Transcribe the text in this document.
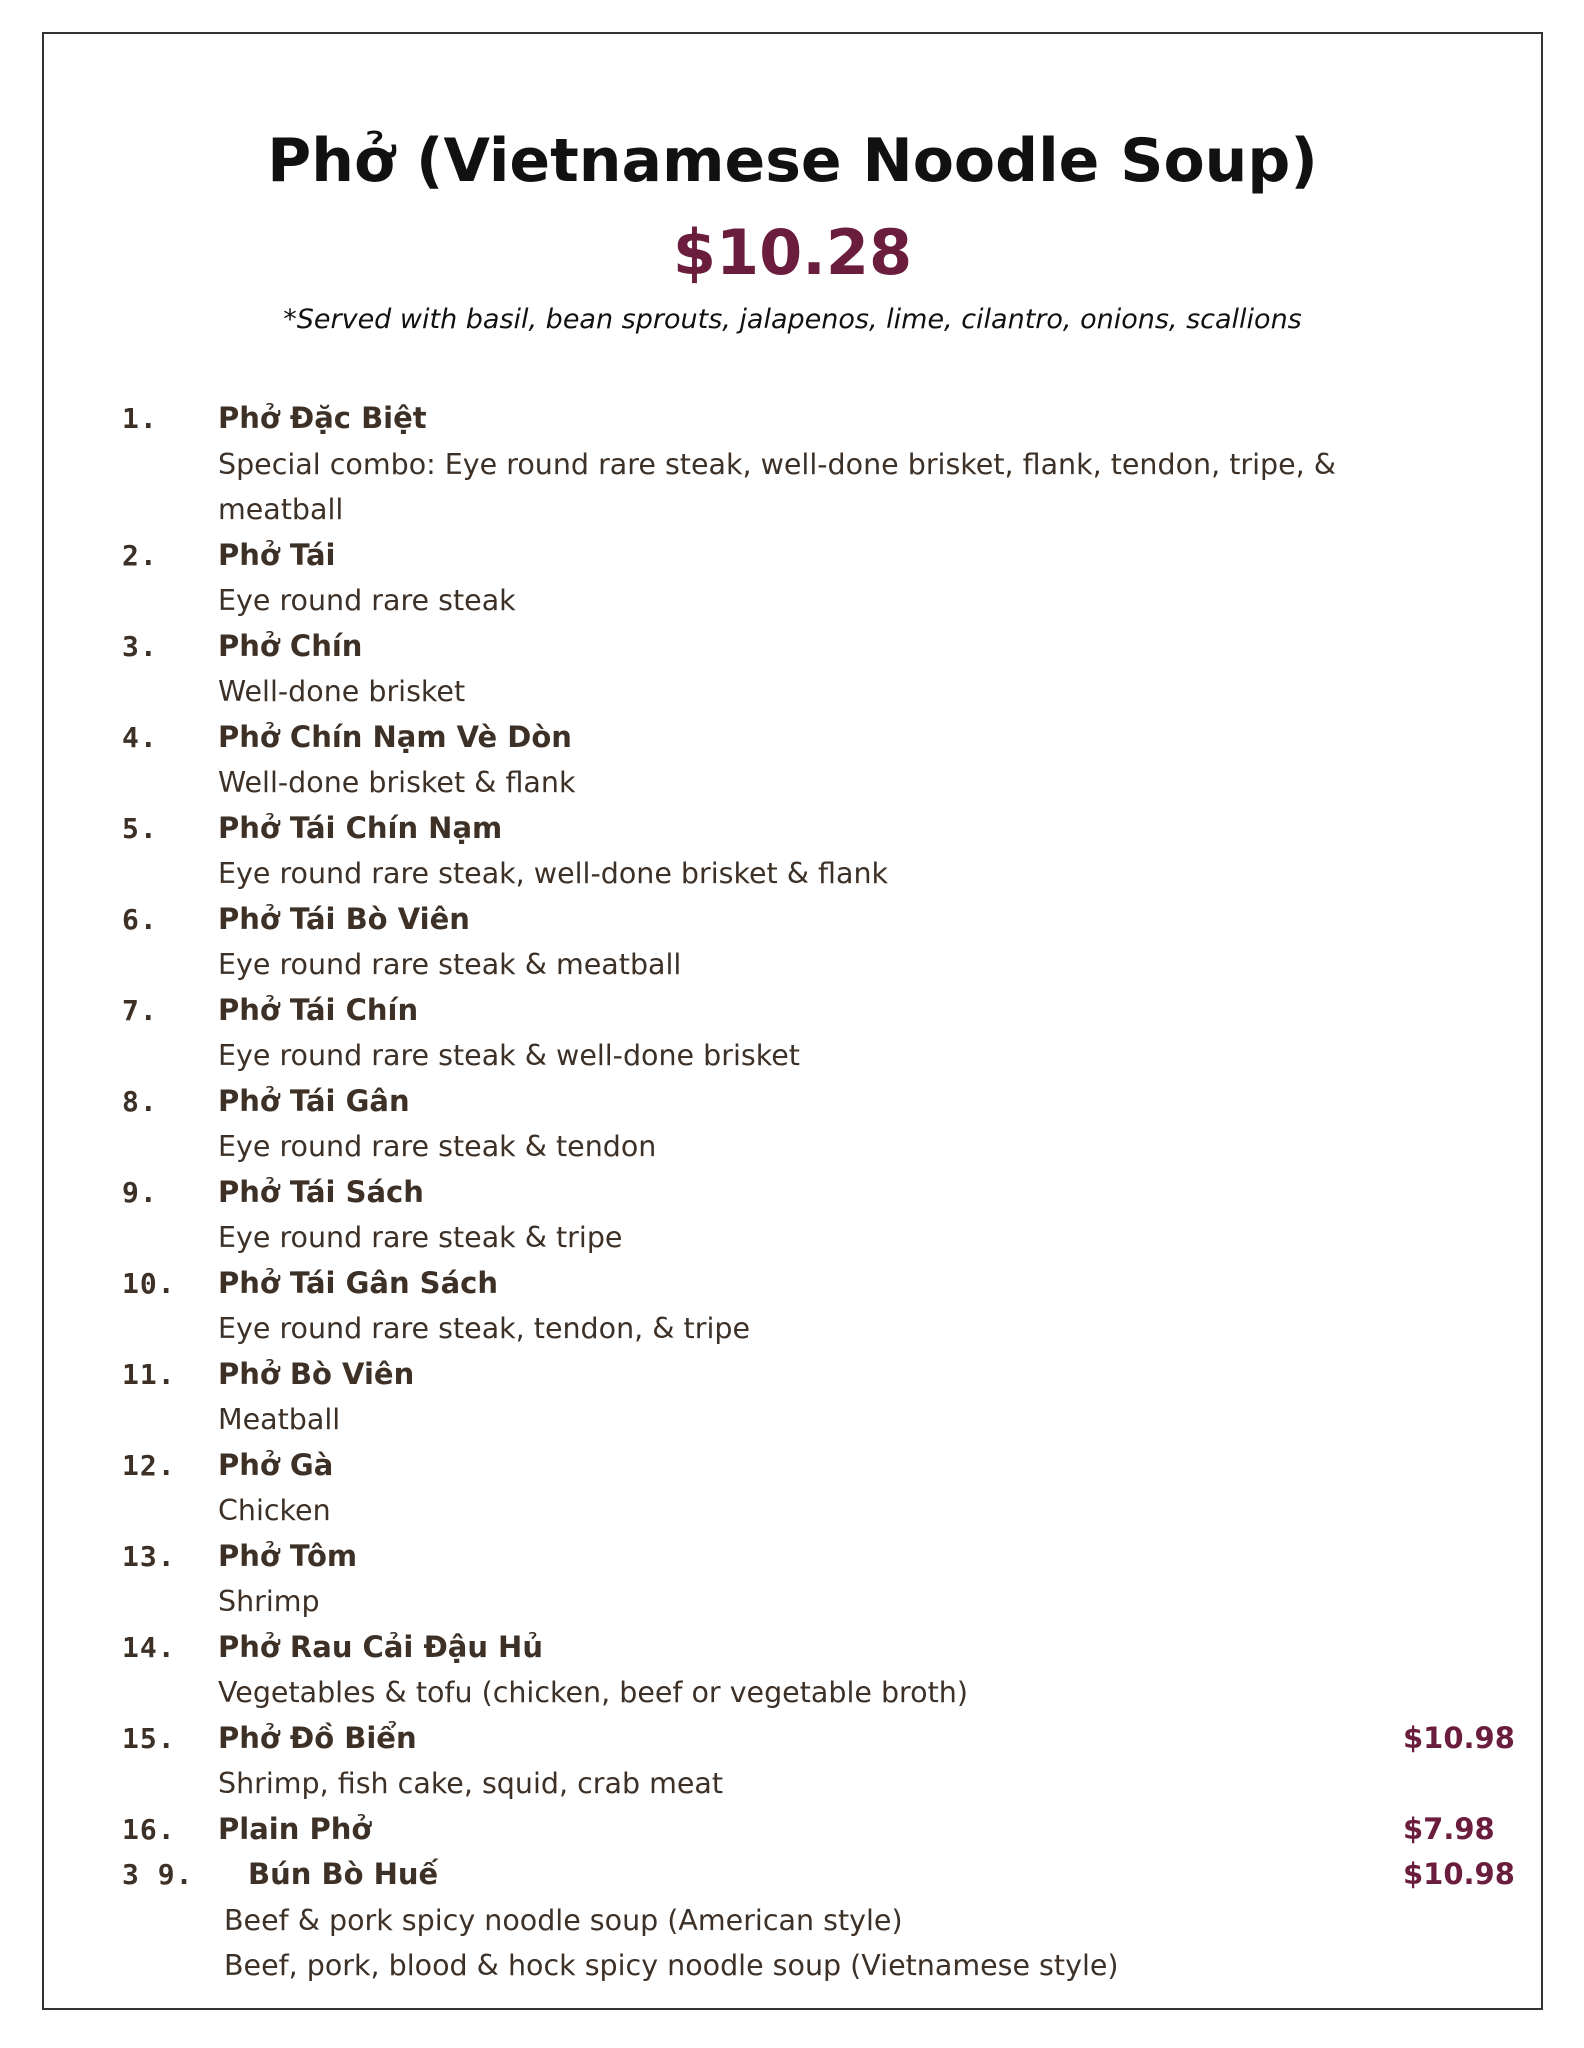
Phở (Vietnamese Noodle Soup)
$10.28
*Served with basil, bean sprouts, jalapenos, lime, cilantro, onions, scallions
1. Phở Đặc Biệt
Special combo: Eye round rare steak, well-done brisket, flank, tendon, tripe, &
meatball
2. Phở Tái
Eye round rare steak
3. Phở Chín
Well-done brisket
4. Phở Chín Nạm Vè Dòn
Well-done brisket & flank
5. Phở Tái Chín Nạm
Eye round rare steak, well-done brisket & flank
6. Phở Tái Bò Viên
Eye round rare steak & meatball
7. Phở Tái Chín
Eye round rare steak & well-done brisket
8. Phở Tái Gân
Eye round rare steak & tendon
9. Phở Tái Sách
Eye round rare steak & tripe
10. Phở Tái Gân Sách
Eye round rare steak, tendon, & tripe
11. Phở Bò Viên
Meatball
12. Phở Gà
Chicken
13. Phở Tôm
Shrimp
14. Phở Rau Cải Đậu Hủ
Vegetables & tofu (chicken, beef or vegetable broth)
15. Phở Đồ Biển	$10.98
Shrimp, fish cake, squid, crab meat
16. Plain Phở	$7.98
3 9. Bún Bò Huế	$10.98
Beef & pork spicy noodle soup (American style)
Beef, pork, blood & hock spicy noodle soup (Vietnamese style)
